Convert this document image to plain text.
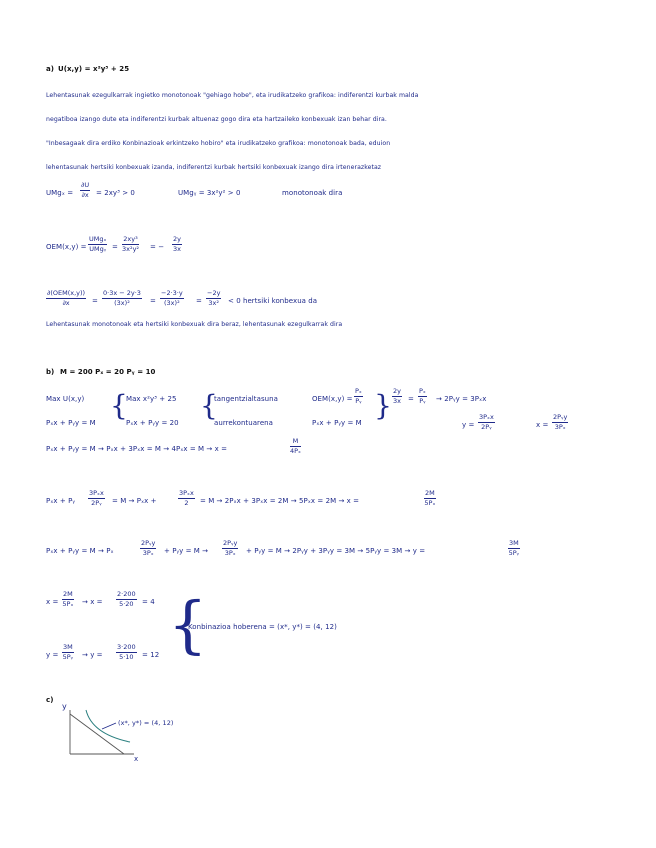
a) U(x,y) = x²y³ + 25
Lehentasunak ezegulkarrak ingietko monotonoak "gehiago hobe", eta irudikatzeko grafikoa: indiferentzi kurbak malda
negatiboa izango dute eta indiferentzi kurbak altuenaz gogo dira eta hartzaileko konbexuak izan behar dira.
"Inbesagaak dira erdiko Konbinazioak erkintzeko hobiro" eta irudikatzeko grafikoa: monotonoak bada, eduion
lehentasunak hertsiki konbexuak izanda, indiferentzi kurbak hertsiki konbexuak izango dira irtenerazketaz
$UMg_x = \frac{\partial U}{\partial x} = 2xy^3 > 0$	UMgᵧ = 3x²y² > 0	monotonoak dira
OEM(x,y) =
UMgₓ
UMgᵧ = $\frac{\text{2xy³}}{\text{3x²y²}}$ = − $\frac{2y}{3x}$
∂(OEM(x,y))
∂x	= $\frac{0\cdot 3x - 2y\cdot 3}{\text{(3x)²}} = \frac{-2\cdot 3\cdot y}{\text{(3x)²}} = \frac{-2y}{\text{3x²}} < 0$ hertsiki konbexua da
Lehentasunak monotonoak eta hertsiki konbexuak dira beraz, lehentasunak ezegulkarrak dira
b) M = 200 Pₓ = 20 Pᵧ = 10
Max U(x,y)
Pₓx + Pᵧy = M
{
Max x²y³ + 25
Pₓx + Pᵧy = 20
{
tangentzialtasuna
aurrekontuarena
$OEM(x,y) = \frac{\text{Pₓ}}{\text{Pᵧ}}$
Pₓx + Pᵧy = M
{ $\frac{2y}{3x} = \frac{\text{Pₓ}}{\text{Pᵧ}}$ → 2Pᵧy = 3Pₓx
y =
3Pₓx
2Pᵧ	x =
2Pᵧy
3Pₓ
Pₓx + Pᵧy = M → Pₓx + 3Pₓx = M → 4Pₓx = M → x =	$\frac{M}{\text{4Pₓ}}$
Pₓx + Pᵧ
3Pₓx
2Pᵧ	= M → Pₓx +
3Pₓx
2	= M → 2Pₓx + 3Pₓx = 2M → 5Pₓx = 2M → x =	$\frac{2M}{\text{5Pₓ}}$
Pₓx + Pᵧy = M → Pₓ
2Pᵧy
3Pₓ	+ Pᵧy = M →
2Pᵧy
3Pₓ	+ Pᵧy = M → 2Pᵧy + 3Pᵧy = 3M → 5Pᵧy = 3M → y =	$\frac{3M}{\text{5Pᵧ}}$
$x = \frac{2M}{\text{5Pₓ}} \to x = \frac{2\cdot 200}{5\cdot 20} = 4$ {
Konbinazioa hoberena = (x*, y*) = (4, 12)
$y = \frac{3M}{\text{5Pᵧ}} \to y = \frac{3\cdot 200}{5\cdot 10} = 12$
c)
y
x
(x*, y*) = (4, 12)
